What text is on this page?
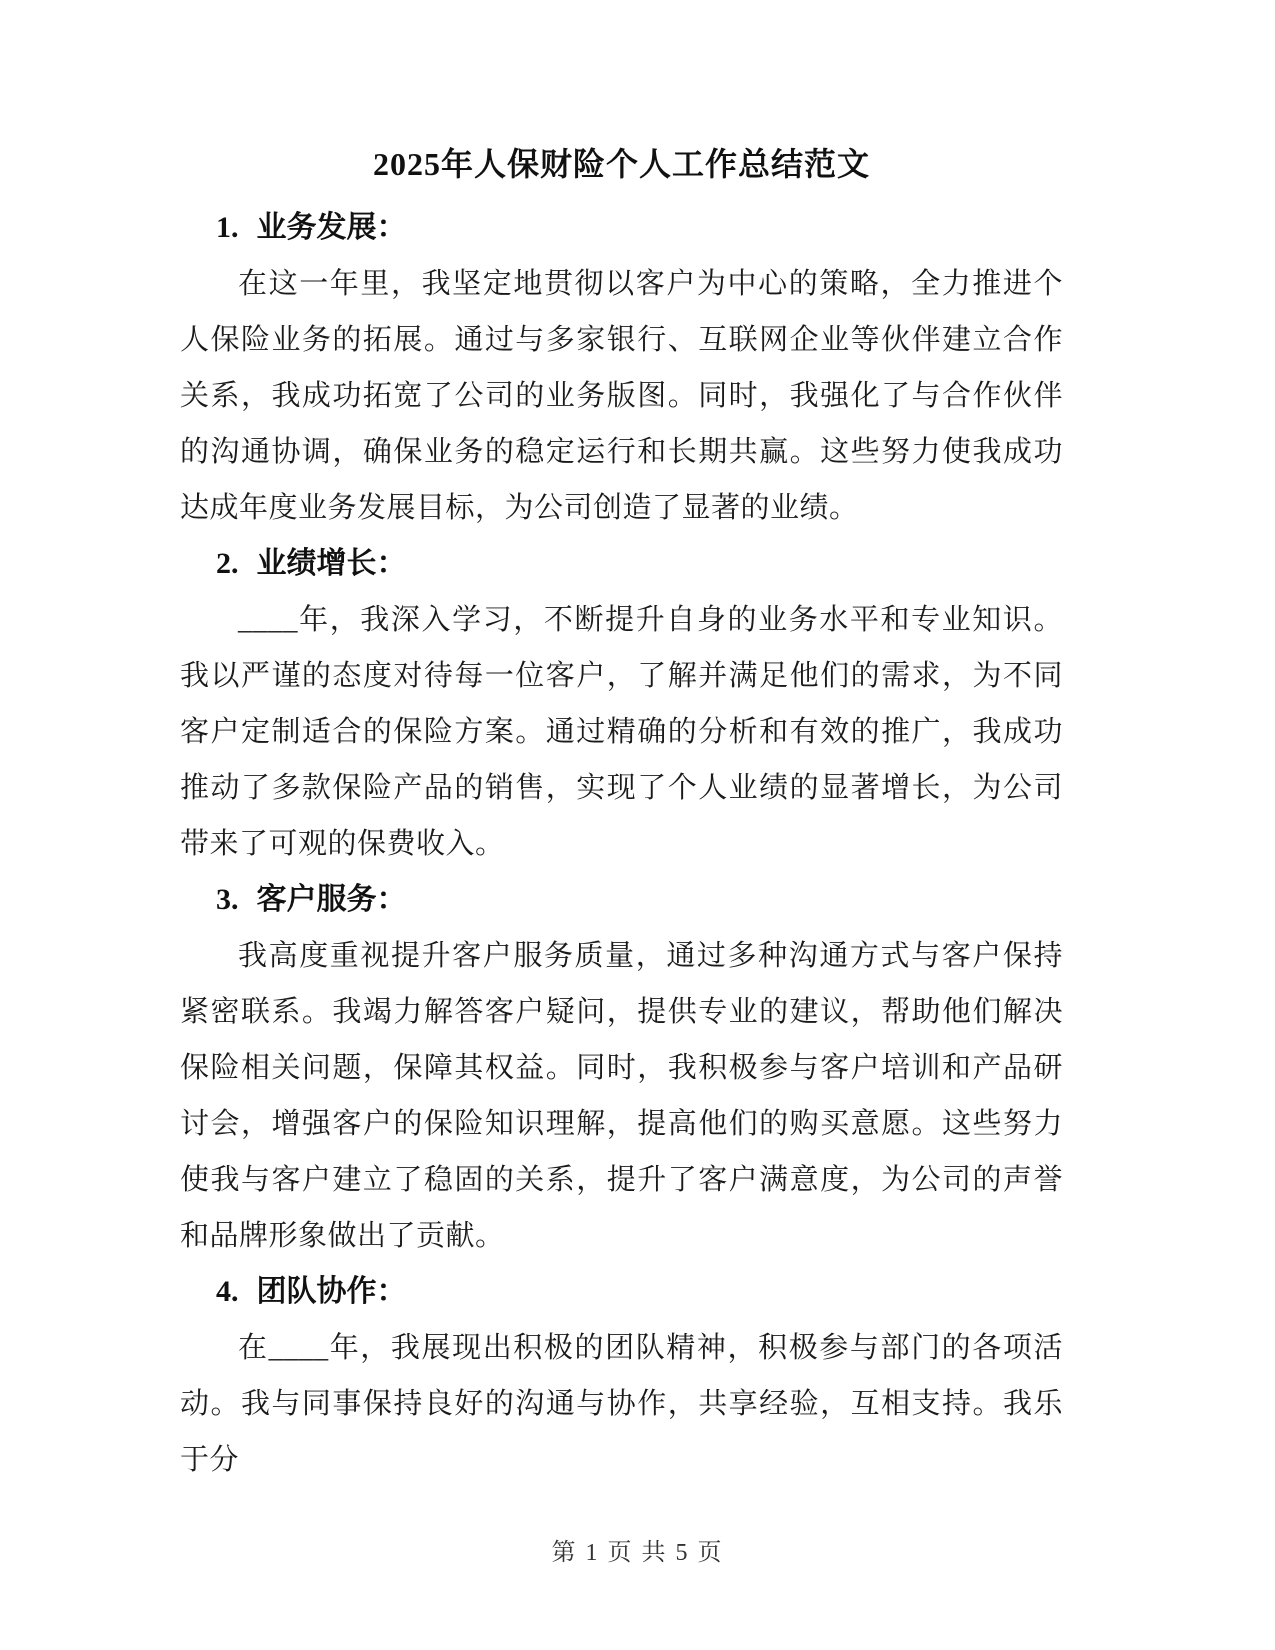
2025年人保财险个人工作总结范文
1. 业务发展：

在这一年里，我坚定地贯彻以客户为中心的策略，全力推进个人保险业务的拓展。通过与多家银行、互联网企业等伙伴建立合作关系，我成功拓宽了公司的业务版图。同时，我强化了与合作伙伴的沟通协调，确保业务的稳定运行和长期共赢。这些努力使我成功达成年度业务发展目标，为公司创造了显著的业绩。

2. 业绩增长：

____年，我深入学习，不断提升自身的业务水平和专业知识。我以严谨的态度对待每一位客户，了解并满足他们的需求，为不同客户定制适合的保险方案。通过精确的分析和有效的推广，我成功推动了多款保险产品的销售，实现了个人业绩的显著增长，为公司带来了可观的保费收入。

3. 客户服务：

我高度重视提升客户服务质量，通过多种沟通方式与客户保持紧密联系。我竭力解答客户疑问，提供专业的建议，帮助他们解决保险相关问题，保障其权益。同时，我积极参与客户培训和产品研讨会，增强客户的保险知识理解，提高他们的购买意愿。这些努力使我与客户建立了稳固的关系，提升了客户满意度，为公司的声誉和品牌形象做出了贡献。

4. 团队协作：

在____年，我展现出积极的团队精神，积极参与部门的各项活动。我与同事保持良好的沟通与协作，共享经验，互相支持。我乐于分

第 1 页 共 5 页
